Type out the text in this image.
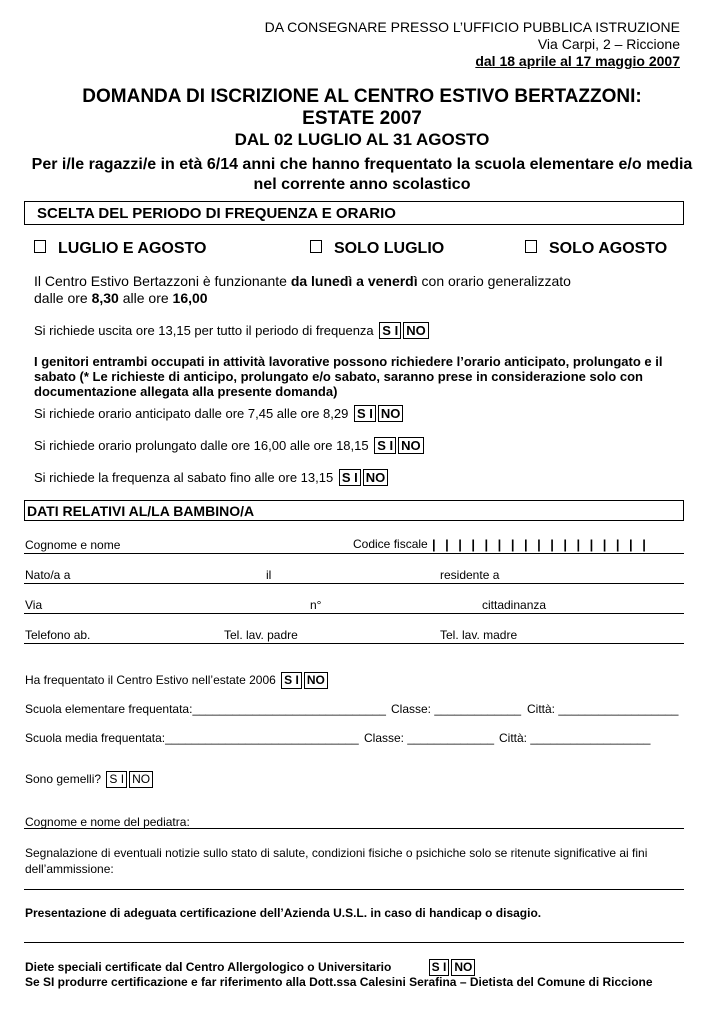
DA CONSEGNARE PRESSO L’UFFICIO PUBBLICA ISTRUZIONE
Via Carpi, 2 – Riccione
dal 18 aprile al 17 maggio 2007
DOMANDA DI ISCRIZIONE AL CENTRO ESTIVO BERTAZZONI:
ESTATE 2007
DAL 02 LUGLIO AL 31 AGOSTO
Per i/le ragazzi/e in età 6/14 anni che hanno frequentato la scuola elementare e/o media nel corrente anno scolastico
SCELTA DEL PERIODO DI FREQUENZA E ORARIO
LUGLIO E AGOSTO	SOLO LUGLIO	SOLO AGOSTO
Il Centro Estivo Bertazzoni è funzionante da lunedì a venerdì con orario generalizzato
dalle ore 8,30 alle ore 16,00
Si richiede uscita ore 13,15 per tutto il periodo di frequenza S I NO
I genitori entrambi occupati in attività lavorative possono richiedere l’orario anticipato, prolungato e il sabato (* Le richieste di anticipo, prolungato e/o sabato, saranno prese in considerazione solo con documentazione allegata alla presente domanda)
Si richiede orario anticipato dalle ore 7,45 alle ore 8,29 S I NO
Si richiede orario prolungato dalle ore 16,00 alle ore 18,15 S I NO
Si richiede la frequenza al sabato fino alle ore 13,15 S I NO
DATI RELATIVI AL/LA BAMBINO/A
Cognome e nome	Codice fiscale |||||||||||||||||
Nato/a a	il	residente a
Via	n°	cittadinanza
Telefono ab.	Tel. lav. padre	Tel. lav. madre
Ha frequentato il Centro Estivo nell’estate 2006 S I NO
Scuola elementare frequentata:_____________________________ Classe: _____________ Città: __________________
Scuola media frequentata:_____________________________ Classe: _____________ Città: __________________
Sono gemelli? S I NO
Cognome e nome del pediatra:
Segnalazione di eventuali notizie sullo stato di salute, condizioni fisiche o psichiche solo se ritenute significative ai fini dell’ammissione:
Presentazione di adeguata certificazione dell’Azienda U.S.L. in caso di handicap o disagio.
Diete speciali certificate dal Centro Allergologico o Universitario	S I NO
Se SI produrre certificazione e far riferimento alla Dott.ssa Calesini Serafina – Dietista del Comune di Riccione
